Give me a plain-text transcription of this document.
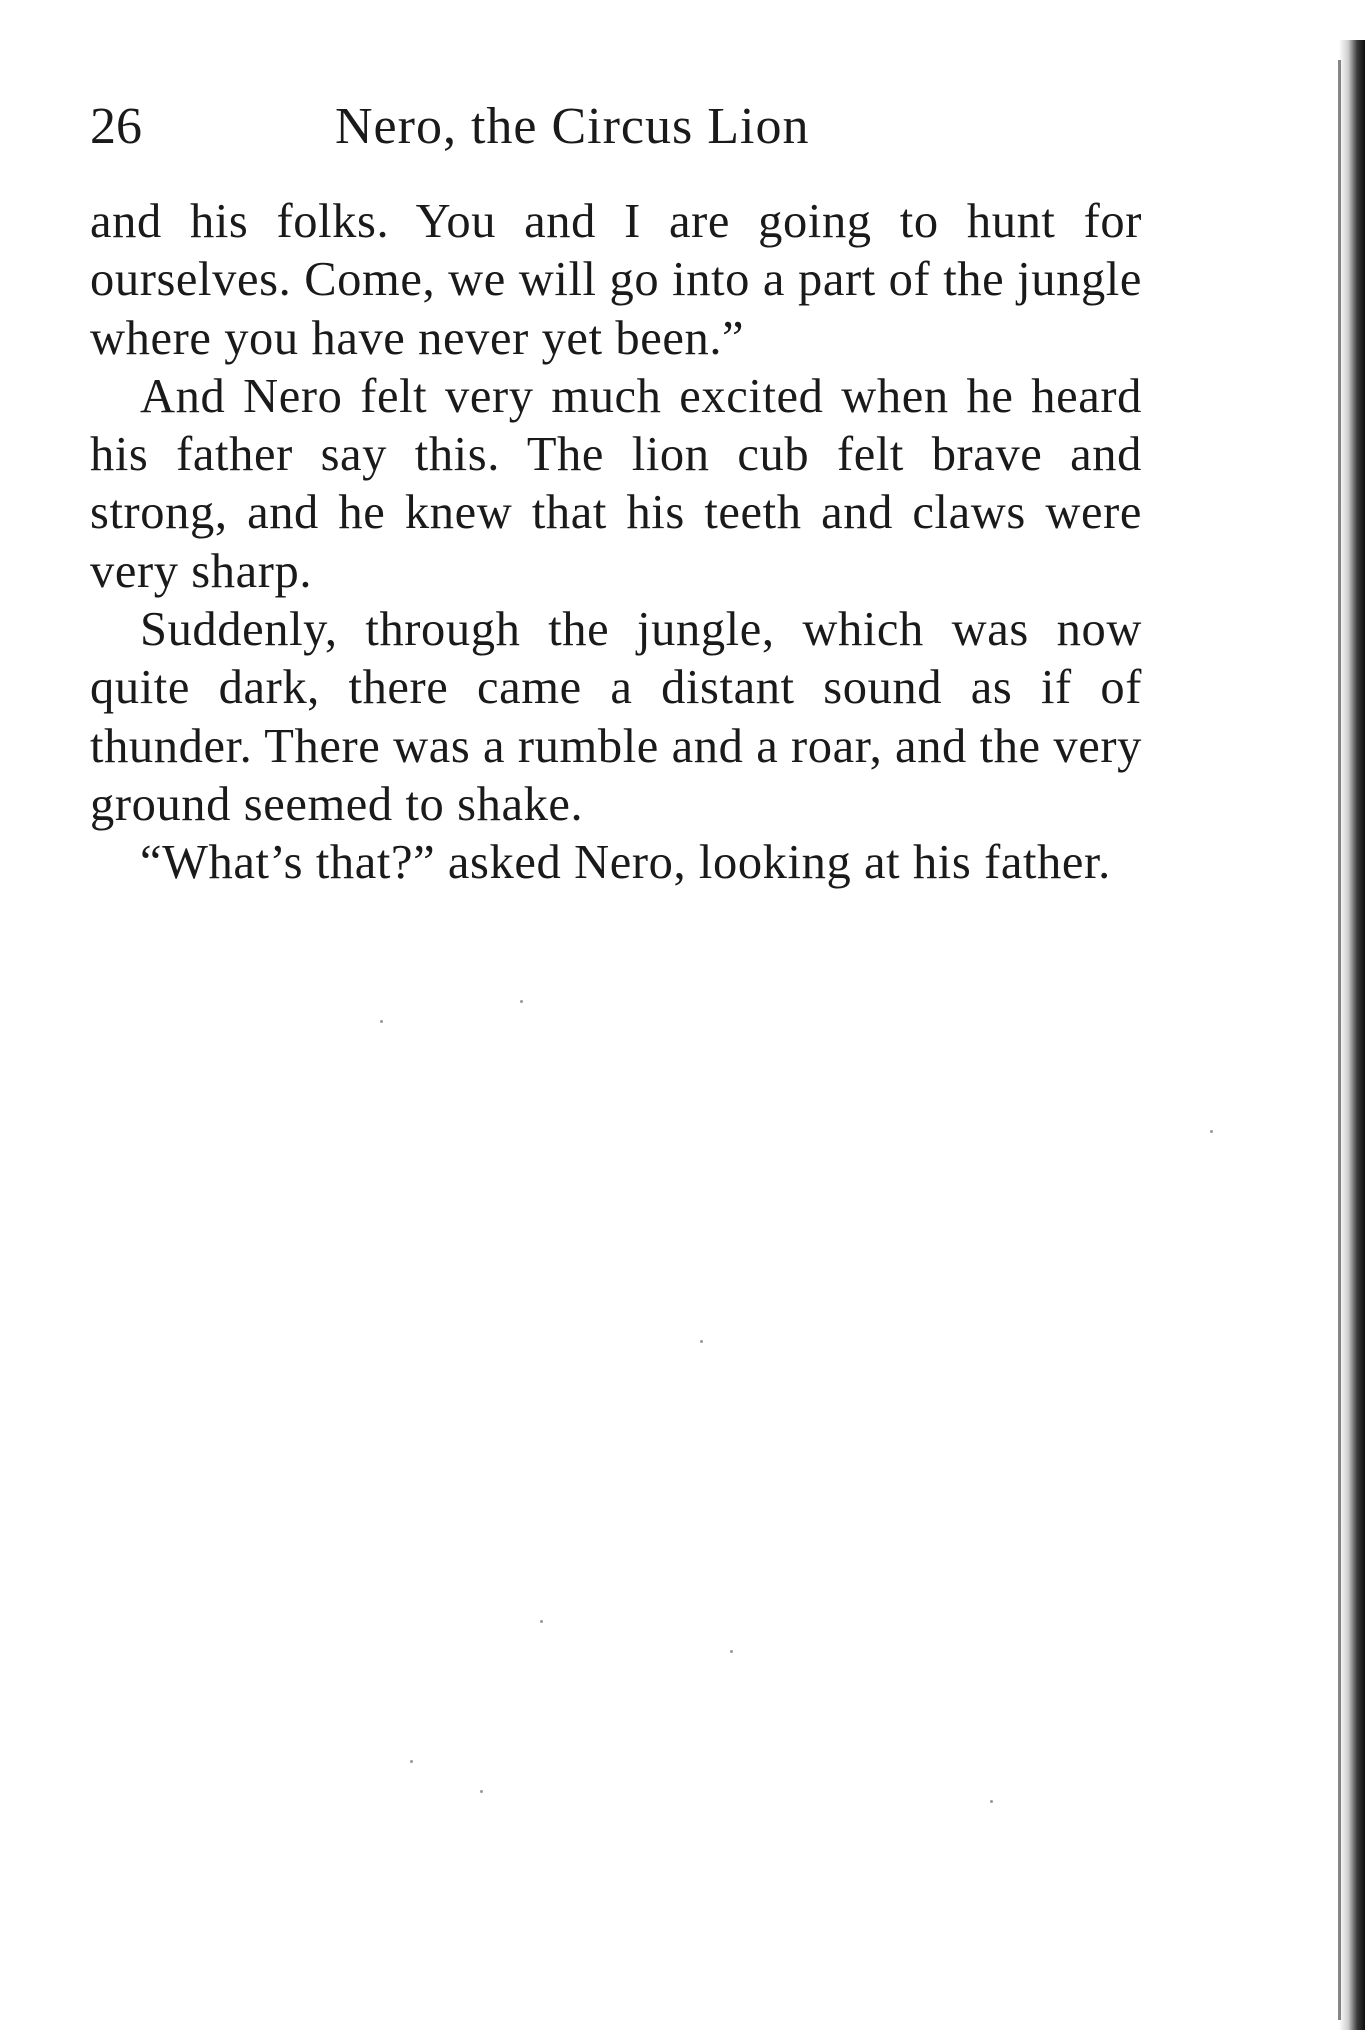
26	Nero, the Circus Lion

and his folks. You and I are going to hunt for ourselves. Come, we will go into a part of the jungle where you have never yet been.”

And Nero felt very much excited when he heard his father say this. The lion cub felt brave and strong, and he knew that his teeth and claws were very sharp.

Suddenly, through the jungle, which was now quite dark, there came a distant sound as if of thunder. There was a rumble and a roar, and the very ground seemed to shake.

“What’s that?” asked Nero, looking at his father.
